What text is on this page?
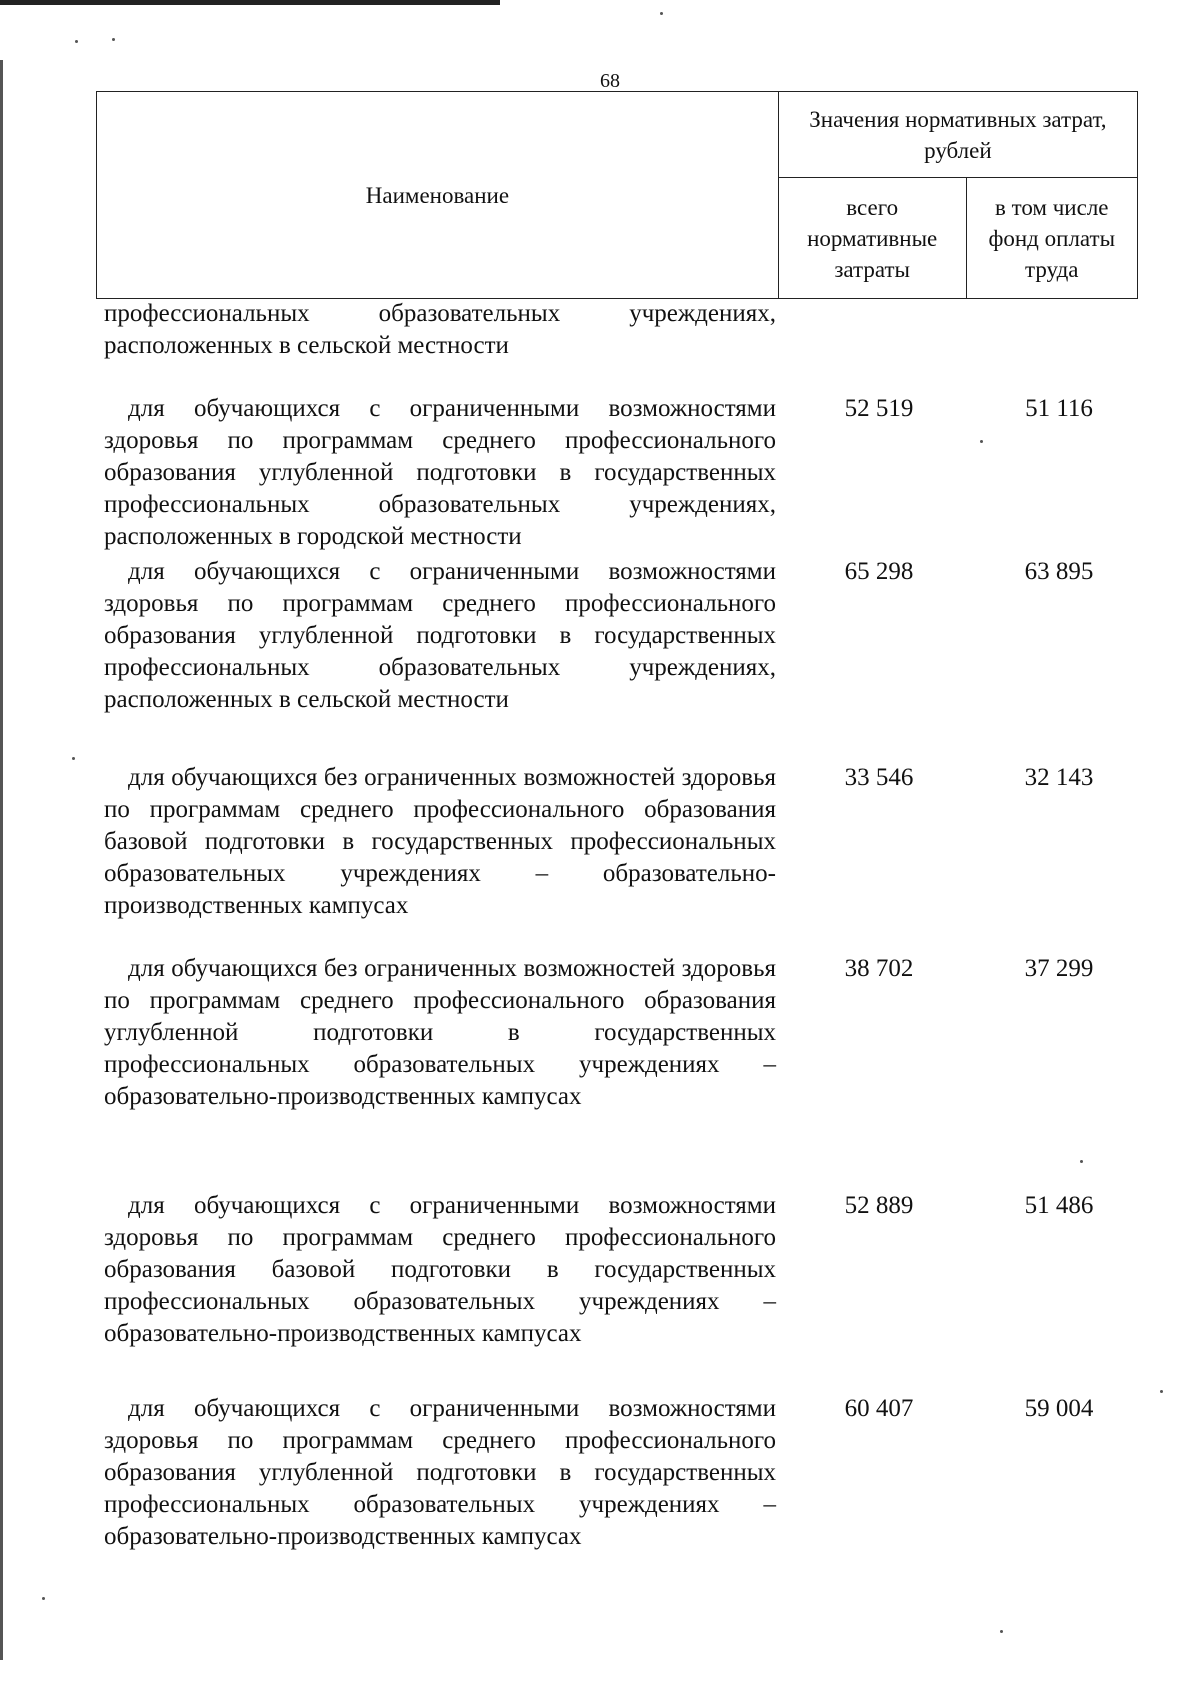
68
Наименование	Значения нормативных затрат, рублей	

	всего нормативные затраты	в том числе фонд оплаты труда
профессиональных образовательных учреждениях, расположенных в сельской местности
для обучающихся с ограниченными возможностями здоровья по программам среднего профессионального образования углубленной подготовки в государственных профессиональных образовательных учреждениях, расположенных в городской местности
52 519	51 116
для обучающихся с ограниченными возможностями здоровья по программам среднего профессионального образования углубленной подготовки в государственных профессиональных образовательных учреждениях, расположенных в сельской местности
65 298	63 895
для обучающихся без ограниченных возможностей здоровья по программам среднего профессионального образования базовой подготовки в государственных профессиональных образовательных учреждениях – образовательно-производственных кампусах
33 546	32 143
для обучающихся без ограниченных возможностей здоровья по программам среднего профессионального образования углубленной подготовки в государственных профессиональных образовательных учреждениях – образовательно-производственных кампусах
38 702	37 299
для обучающихся с ограниченными возможностями здоровья по программам среднего профессионального образования базовой подготовки в государственных профессиональных образовательных учреждениях – образовательно-производственных кампусах
52 889	51 486
для обучающихся с ограниченными возможностями здоровья по программам среднего профессионального образования углубленной подготовки в государственных профессиональных образовательных учреждениях – образовательно-производственных кампусах
60 407	59 004
